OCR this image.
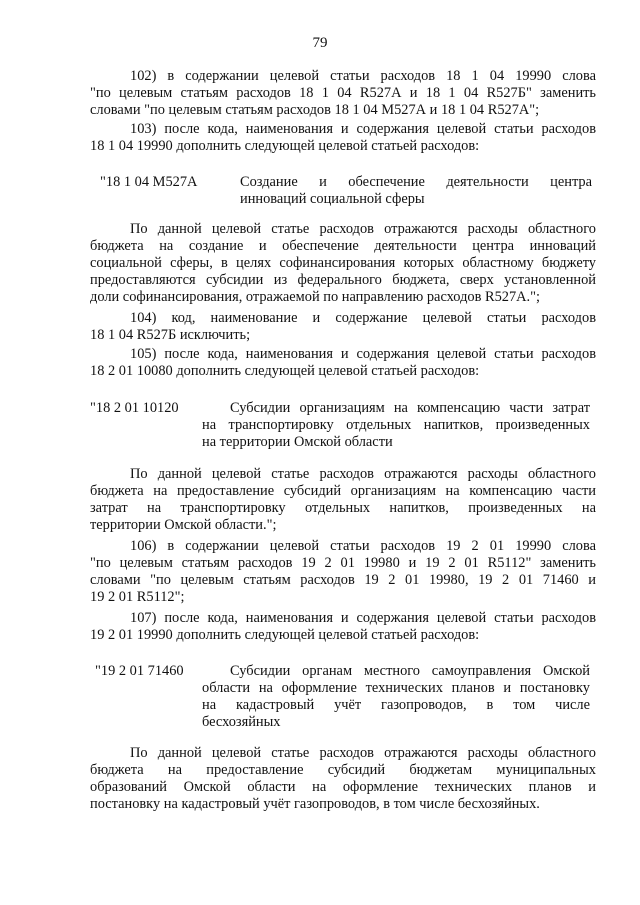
79
102) в содержании целевой статьи расходов 18 1 04 19990 слова
"по целевым статьям расходов 18 1 04 R527А и 18 1 04 R527Б" заменить
словами "по целевым статьям расходов 18 1 04 М527А и 18 1 04 R527А";
103) после кода, наименования и содержания целевой статьи расходов
18 1 04 19990 дополнить следующей целевой статьей расходов:
"18 1 04 М527А	Создание и обеспечение деятельности центра
инноваций социальной сферы
По данной целевой статье расходов отражаются расходы областного
бюджета на создание и обеспечение деятельности центра инноваций
социальной сферы, в целях софинансирования которых областному бюджету
предоставляются субсидии из федерального бюджета, сверх установленной
доли софинансирования, отражаемой по направлению расходов R527А.";
104) код, наименование и содержание целевой статьи расходов
18 1 04 R527Б исключить;
105) после кода, наименования и содержания целевой статьи расходов
18 2 01 10080 дополнить следующей целевой статьей расходов:
"18 2 01 10120	Субсидии организациям на компенсацию части затрат
на транспортировку отдельных напитков, произведенных
на территории Омской области
По данной целевой статье расходов отражаются расходы областного
бюджета на предоставление субсидий организациям на компенсацию части
затрат на транспортировку отдельных напитков, произведенных на
территории Омской области.";
106) в содержании целевой статьи расходов 19 2 01 19990 слова
"по целевым статьям расходов 19 2 01 19980 и 19 2 01 R5112" заменить
словами "по целевым статьям расходов 19 2 01 19980, 19 2 01 71460 и
19 2 01 R5112";
107) после кода, наименования и содержания целевой статьи расходов
19 2 01 19990 дополнить следующей целевой статьей расходов:
"19 2 01 71460	Субсидии органам местного самоуправления Омской
области на оформление технических планов и постановку
на кадастровый учёт газопроводов, в том числе
бесхозяйных
По данной целевой статье расходов отражаются расходы областного
бюджета на предоставление субсидий бюджетам муниципальных
образований Омской области на оформление технических планов и
постановку на кадастровый учёт газопроводов, в том числе бесхозяйных.
